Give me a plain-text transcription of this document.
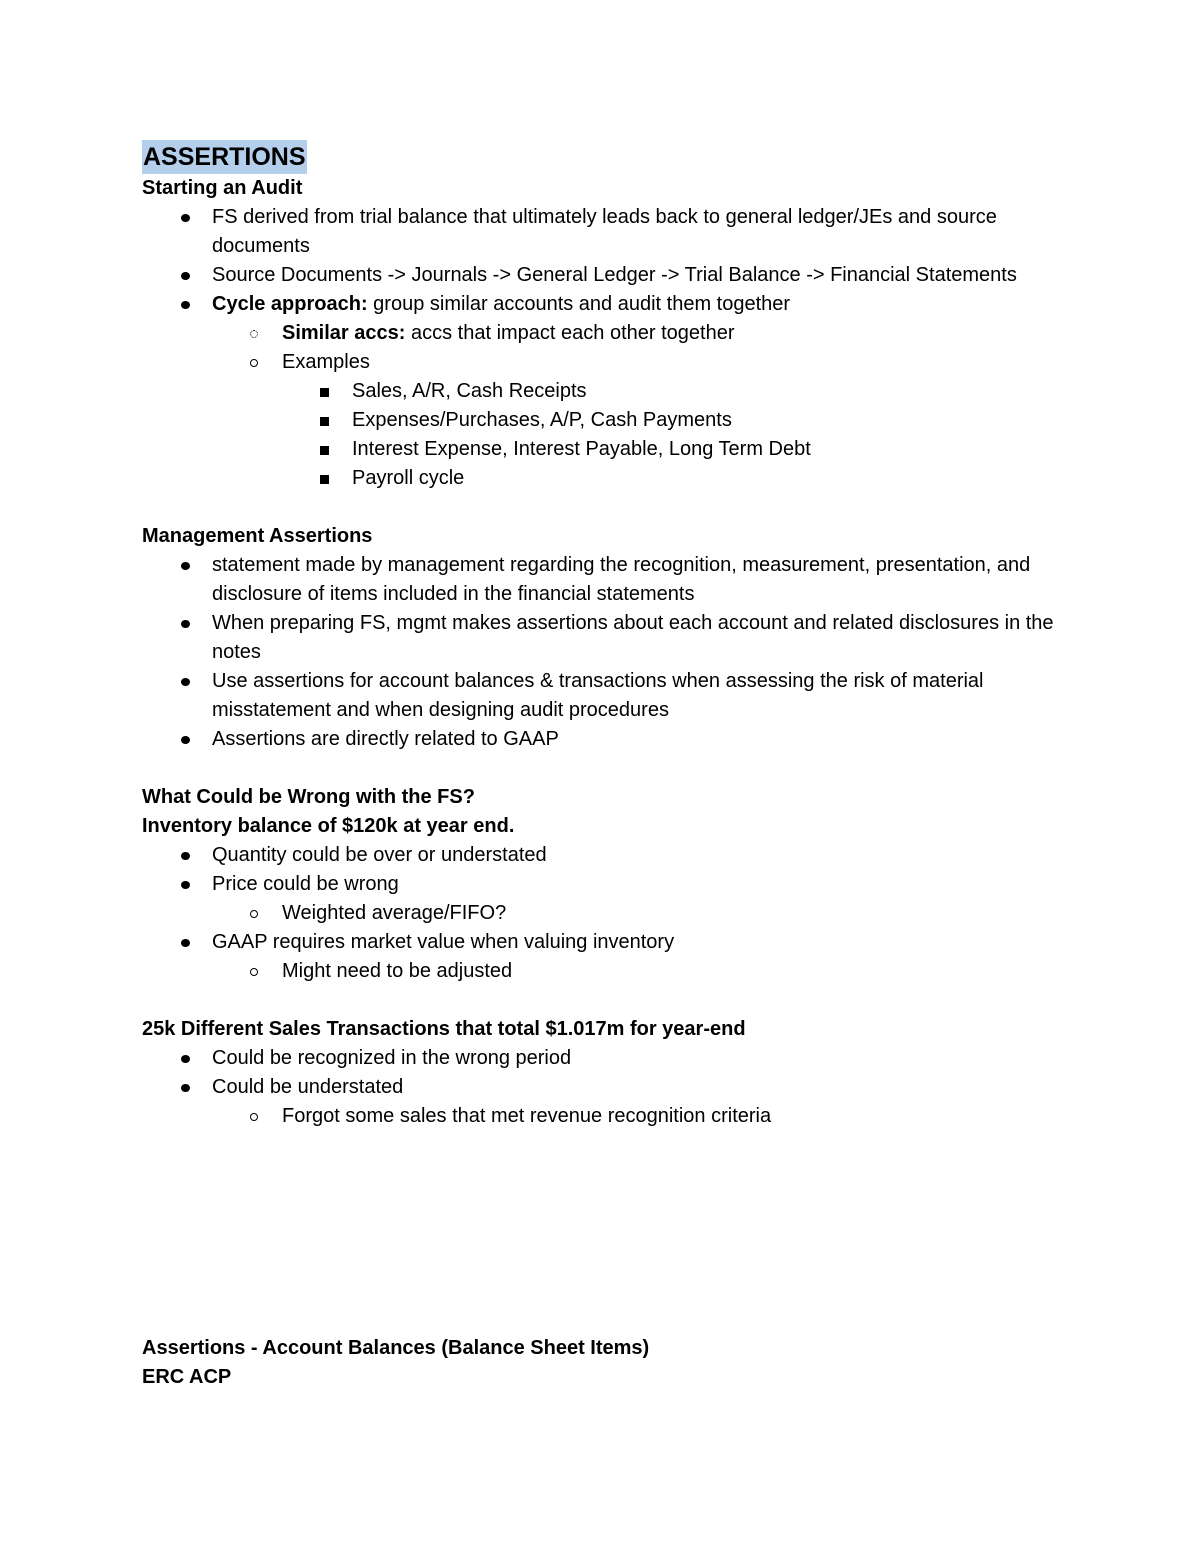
ASSERTIONS
Starting an Audit
FS derived from trial balance that ultimately leads back to general ledger/JEs and source documents
Source Documents -> Journals -> General Ledger -> Trial Balance -> Financial Statements
Cycle approach: group similar accounts and audit them together
Similar accs: accs that impact each other together
Examples
Sales, A/R, Cash Receipts
Expenses/Purchases, A/P, Cash Payments
Interest Expense, Interest Payable, Long Term Debt
Payroll cycle
Management Assertions
statement made by management regarding the recognition, measurement, presentation, and disclosure of items included in the financial statements
When preparing FS, mgmt makes assertions about each account and related disclosures in the notes
Use assertions for account balances & transactions when assessing the risk of material misstatement and when designing audit procedures
Assertions are directly related to GAAP
What Could be Wrong with the FS?
Inventory balance of $120k at year end.
Quantity could be over or understated
Price could be wrong
Weighted average/FIFO?
GAAP requires market value when valuing inventory
Might need to be adjusted
25k Different Sales Transactions that total $1.017m for year-end
Could be recognized in the wrong period
Could be understated
Forgot some sales that met revenue recognition criteria
Assertions - Account Balances (Balance Sheet Items)
ERC ACP
